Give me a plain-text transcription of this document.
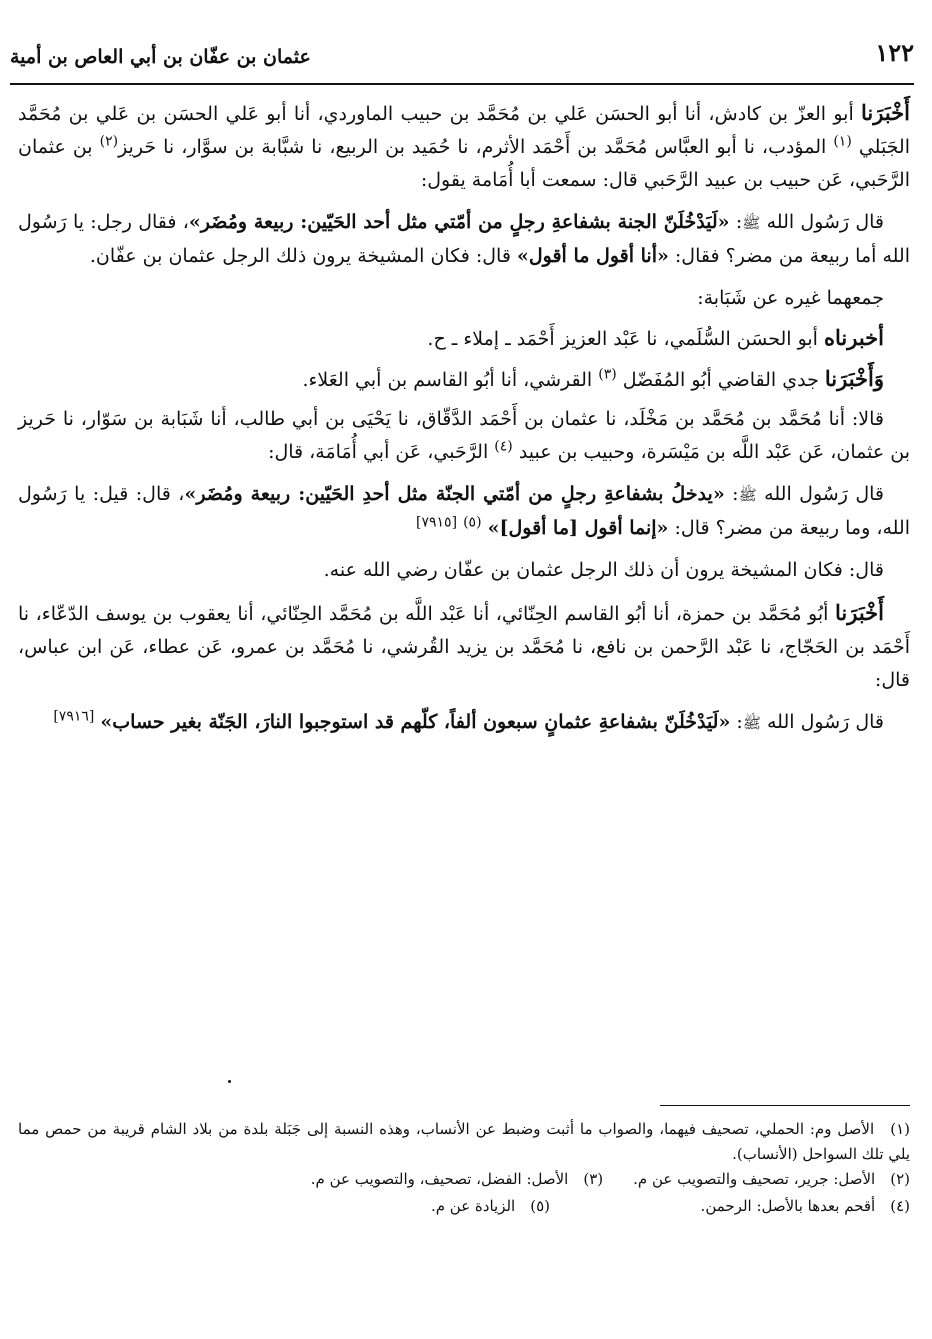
١٢٢
عثمان بن عفّان بن أبي العاص بن أمية

أَخْبَرَنا أبو العزّ بن كادش، أنا أبو الحسَن عَلي بن مُحَمَّد بن حبيب الماوردي، أنا أبو عَلي الحسَن بن عَلي بن مُحَمَّد الجَبَلي $^{(١)}$ المؤدب، نا أبو العبَّاس مُحَمَّد بن أَحْمَد الأثرم، نا حُمَيد بن الربيع، نا شبَّابة بن سوَّار، نا حَريز$^{(٢)}$ بن عثمان الرَّحَبي، عَن حبيب بن عبيد الرَّحَبي قال: سمعت أبا أُمَامة يقول:

قال رَسُول الله ﷺ: «لَيَدْخُلَنّ الجنة بشفاعةِ رجلٍ من أمّتي مثل أحد الحَيّين: ربيعة ومُضَر»، فقال رجل: يا رَسُول الله أما ربيعة من مضر؟ فقال: «أنا أقول ما أقول» قال: فكان المشيخة يرون ذلك الرجل عثمان بن عفّان.

جمعهما غيره عن شَبَابة:

أخبرناه أبو الحسَن السُّلَمي، نا عَبْد العزيز أَحْمَد ـ إملاء ـ ح.

وَأَخْبَرَنا جدي القاضي أبُو المُفَضّل $^{(٣)}$ القرشي، أنا أبُو القاسم بن أبي العَلاء.

قالا: أنا مُحَمَّد بن مُحَمَّد بن مَخْلَد، نا عثمان بن أَحْمَد الدَّقّاق، نا يَحْيَى بن أبي طالب، أنا شَبَابة بن سَوّار، نا حَريز بن عثمان، عَن عَبْد اللَّه بن مَيْسَرة، وحبيب بن عبيد $^{(٤)}$ الرَّحَبي، عَن أبي أُمَامَة، قال:

قال رَسُول الله ﷺ: «يدخلُ بشفاعةِ رجلٍ من أمّتي الجنّة مثل أحدِ الحَيّين: ربيعة ومُضَر»، قال: قيل: يا رَسُول الله، وما ربيعة من مضر؟ قال: «إنما أقول [ما أقول]» $^{(٥)}$ [٧٩١٥]

قال: فكان المشيخة يرون أن ذلك الرجل عثمان بن عفّان رضي الله عنه.

أَخْبَرَنا أبُو مُحَمَّد بن حمزة، أنا أبُو القاسم الحِنّائي، أنا عَبْد اللَّه بن مُحَمَّد الحِنّائي، أنا يعقوب بن يوسف الدّعّاء، نا أَحْمَد بن الحَجّاج، نا عَبْد الرَّحمن بن نافع، نا مُحَمَّد بن يزيد القُرشي، نا مُحَمَّد بن عمرو، عَن عطاء، عَن ابن عباس، قال:

قال رَسُول الله ﷺ: «لَيَدْخُلَنّ بشفاعةِ عثمانٍ سبعون ألفاً، كلّهم قد استوجبوا النارَ، الجَنّة بغير حساب» [٧٩١٦]

(١) الأصل وم: الحملي، تصحيف فيهما، والصواب ما أثبت وضبط عن الأنساب، وهذه النسبة إلى جَبَلة بلدة من بلاد الشام قريبة من حمص مما يلي تلك السواحل (الأنساب).
(٢) الأصل: جرير، تصحيف والتصويب عن م.
(٣) الأصل: الفضل، تصحيف، والتصويب عن م.
(٤) أقحم بعدها بالأصل: الرحمن.
(٥) الزيادة عن م.
